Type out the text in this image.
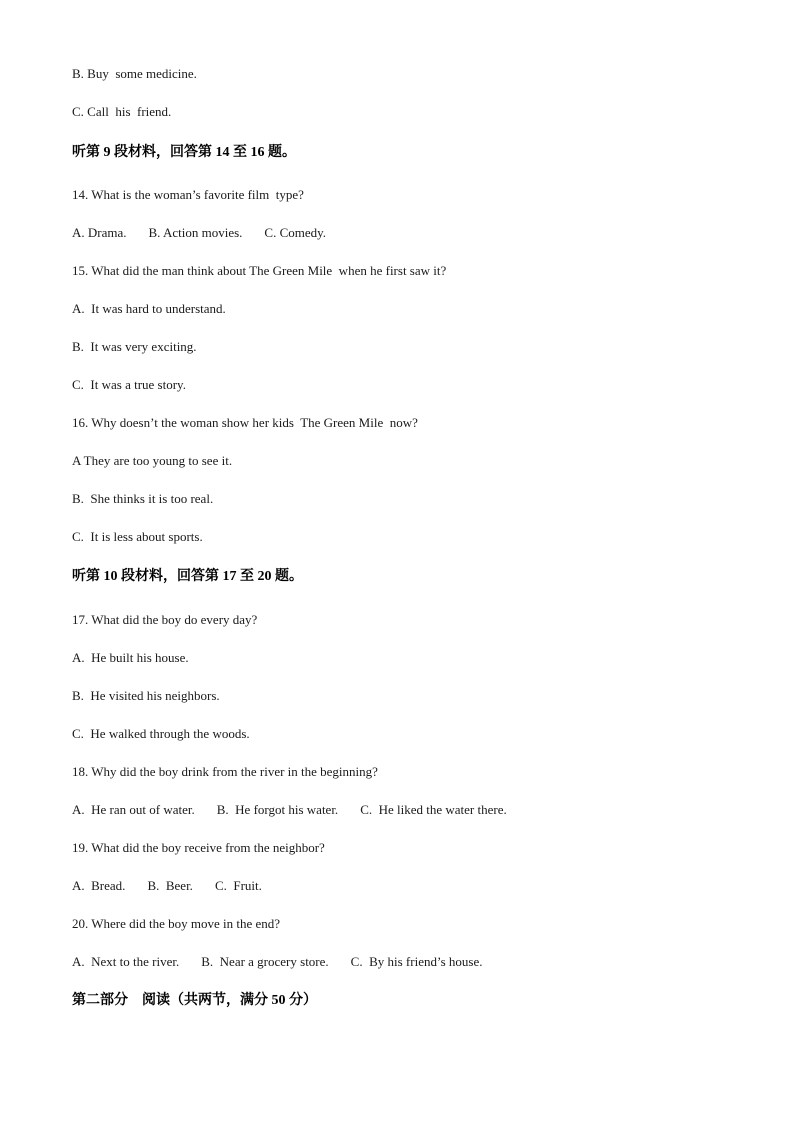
B. Buy  some medicine.

C. Call  his  friend.

听第 9 段材料，回答第 14 至 16 题。

14. What is the woman’s favorite film  type?

A. Drama. B. Action movies. C. Comedy.

15. What did the man think about The Green Mile  when he first saw it?

A.  It was hard to understand.

B.  It was very exciting.

C.  It was a true story.

16. Why doesn’t the woman show her kids  The Green Mile  now?

A They are too young to see it.

B.  She thinks it is too real.

C.  It is less about sports.

听第 10 段材料，回答第 17 至 20 题。

17. What did the boy do every day?

A.  He built his house.

B.  He visited his neighbors.

C.  He walked through the woods.

18. Why did the boy drink from the river in the beginning?

A.  He ran out of water. B.  He forgot his water. C.  He liked the water there.

19. What did the boy receive from the neighbor?

A.  Bread. B.  Beer. C.  Fruit.

20. Where did the boy move in the end?

A.  Next to the river. B.  Near a grocery store. C.  By his friend’s house.

第二部分    阅读（共两节，满分 50 分）
